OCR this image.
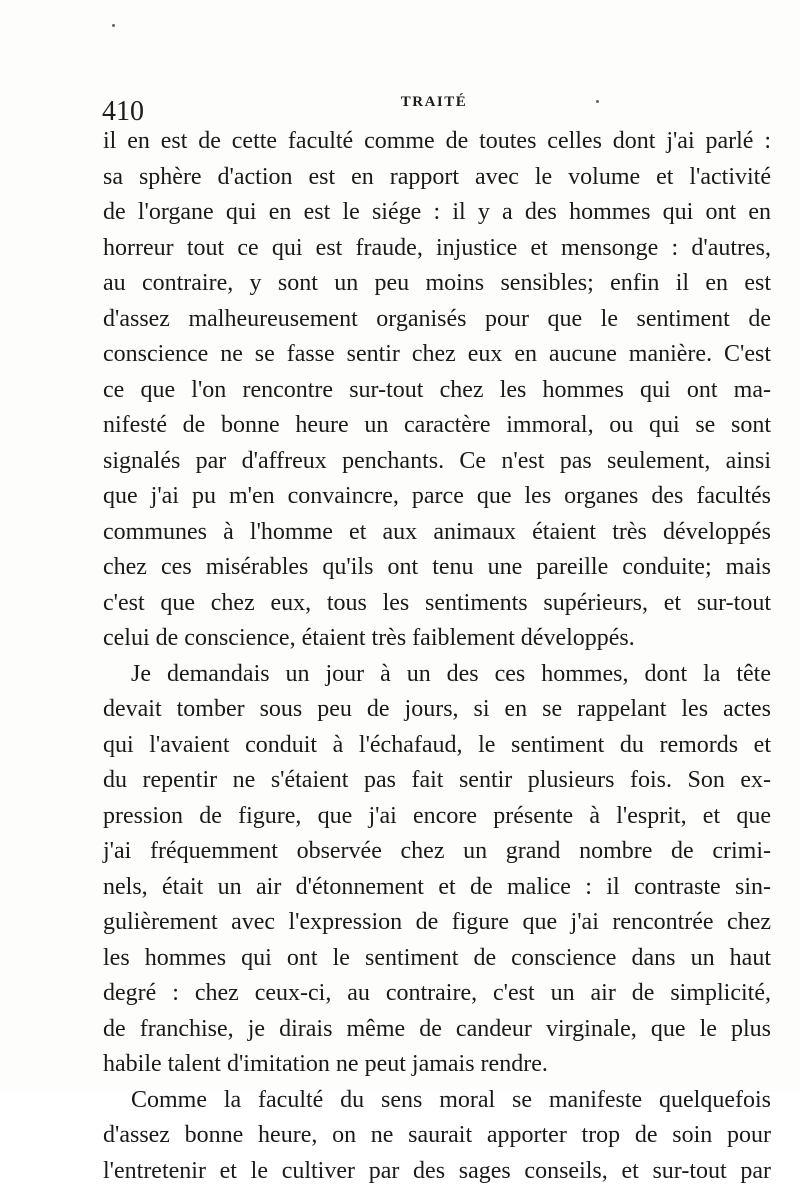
410	TRAITÉ
il en est de cette faculté comme de toutes celles dont j'ai parlé :
sa sphère d'action est en rapport avec le volume et l'activité
de l'organe qui en est le siége : il y a des hommes qui ont en
horreur tout ce qui est fraude, injustice et mensonge : d'autres,
au contraire, y sont un peu moins sensibles; enfin il en est
d'assez malheureusement organisés pour que le sentiment de
conscience ne se fasse sentir chez eux en aucune manière. C'est
ce que l'on rencontre sur-tout chez les hommes qui ont ma-
nifesté de bonne heure un caractère immoral, ou qui se sont
signalés par d'affreux penchants. Ce n'est pas seulement, ainsi
que j'ai pu m'en convaincre, parce que les organes des facultés
communes à l'homme et aux animaux étaient très développés
chez ces misérables qu'ils ont tenu une pareille conduite; mais
c'est que chez eux, tous les sentiments supérieurs, et sur-tout
celui de conscience, étaient très faiblement développés.
Je demandais un jour à un des ces hommes, dont la tête
devait tomber sous peu de jours, si en se rappelant les actes
qui l'avaient conduit à l'échafaud, le sentiment du remords et
du repentir ne s'étaient pas fait sentir plusieurs fois. Son ex-
pression de figure, que j'ai encore présente à l'esprit, et que
j'ai fréquemment observée chez un grand nombre de crimi-
nels, était un air d'étonnement et de malice : il contraste sin-
gulièrement avec l'expression de figure que j'ai rencontrée chez
les hommes qui ont le sentiment de conscience dans un haut
degré : chez ceux-ci, au contraire, c'est un air de simplicité,
de franchise, je dirais même de candeur virginale, que le plus
habile talent d'imitation ne peut jamais rendre.
Comme la faculté du sens moral se manifeste quelquefois
d'assez bonne heure, on ne saurait apporter trop de soin pour
l'entretenir et le cultiver par des sages conseils, et sur-tout par
